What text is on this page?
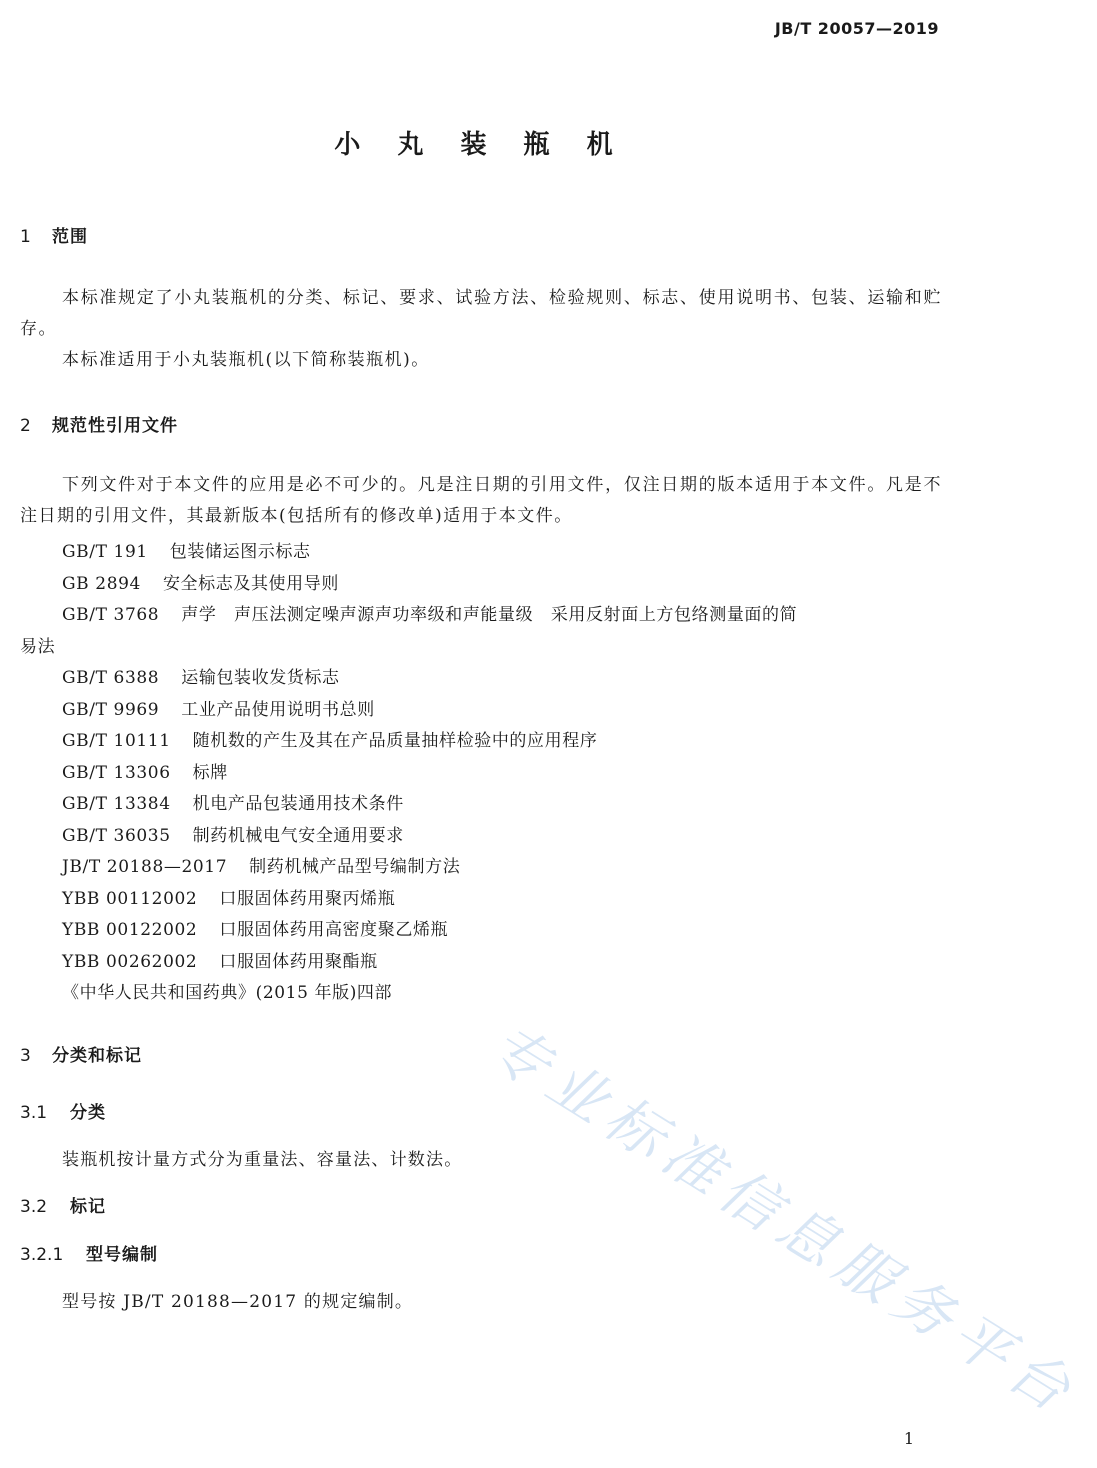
JB/T 20057—2019
小 丸 装 瓶 机
1 范围
本标准规定了小丸装瓶机的分类、标记、要求、试验方法、检验规则、标志、使用说明书、包装、运输和贮存。
本标准适用于小丸装瓶机(以下简称装瓶机)。
2 规范性引用文件
下列文件对于本文件的应用是必不可少的。凡是注日期的引用文件，仅注日期的版本适用于本文件。凡是不注日期的引用文件，其最新版本(包括所有的修改单)适用于本文件。
GB/T 191 包装储运图示标志
GB 2894 安全标志及其使用导则
GB/T 3768 声学　声压法测定噪声源声功率级和声能量级　采用反射面上方包络测量面的简
易法
GB/T 6388 运输包装收发货标志
GB/T 9969 工业产品使用说明书总则
GB/T 10111 随机数的产生及其在产品质量抽样检验中的应用程序
GB/T 13306 标牌
GB/T 13384 机电产品包装通用技术条件
GB/T 36035 制药机械电气安全通用要求
JB/T 20188—2017 制药机械产品型号编制方法
YBB 00112002 口服固体药用聚丙烯瓶
YBB 00122002 口服固体药用高密度聚乙烯瓶
YBB 00262002 口服固体药用聚酯瓶
《中华人民共和国药典》(2015 年版)四部
3 分类和标记
3.1 分类
装瓶机按计量方式分为重量法、容量法、计数法。
3.2 标记
3.2.1 型号编制
型号按 JB/T 20188—2017 的规定编制。 专业标准信息服务平台
1
